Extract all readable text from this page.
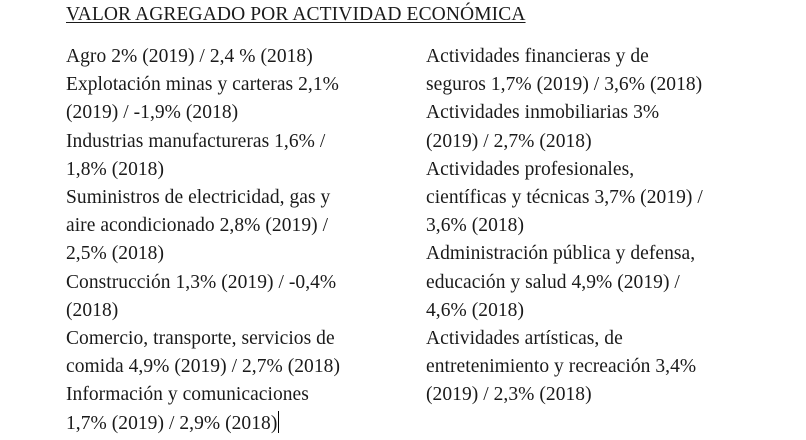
VALOR AGREGADO POR ACTIVIDAD ECONÓMICA

Agro 2% (2019) / 2,4 % (2018)

Explotación minas y carteras 2,1%
(2019) / -1,9% (2018)

Industrias manufactureras 1,6% /
1,8% (2018)

Suministros de electricidad, gas y
aire acondicionado 2,8% (2019) /
2,5% (2018)

Construcción 1,3% (2019) / -0,4%
(2018)

Comercio, transporte, servicios de
comida 4,9% (2019) / 2,7% (2018)

Información y comunicaciones
1,7% (2019) / 2,9% (2018)

Actividades financieras y de
seguros 1,7% (2019) / 3,6% (2018)

Actividades inmobiliarias 3%
(2019) / 2,7% (2018)

Actividades profesionales,
científicas y técnicas 3,7% (2019) /
3,6% (2018)

Administración pública y defensa,
educación y salud 4,9% (2019) /
4,6% (2018)

Actividades artísticas, de
entretenimiento y recreación 3,4%
(2019) / 2,3% (2018)
